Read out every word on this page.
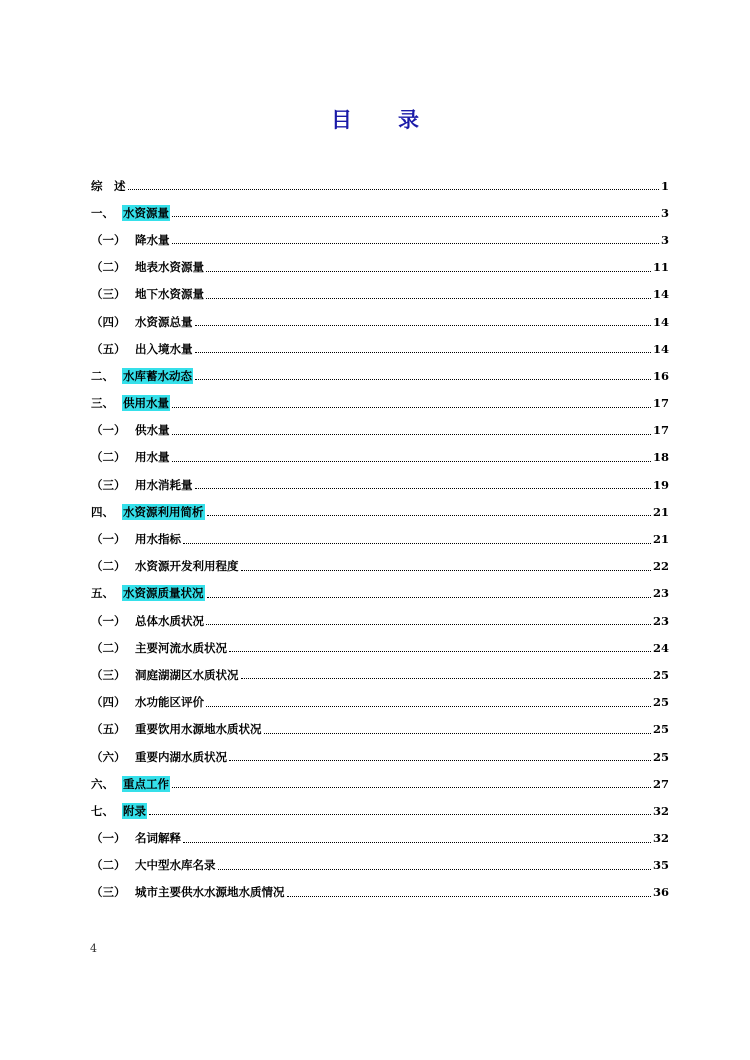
目 录
综　述	1
一、 水资源量	3
（一） 降水量	3
（二） 地表水资源量	11
（三） 地下水资源量	14
（四） 水资源总量	14
（五） 出入境水量	14
二、 水库蓄水动态	16
三、 供用水量	17
（一） 供水量	17
（二） 用水量	18
（三） 用水消耗量	19
四、 水资源利用简析	21
（一） 用水指标	21
（二） 水资源开发利用程度	22
五、 水资源质量状况	23
（一） 总体水质状况	23
（二） 主要河流水质状况	24
（三） 洞庭湖湖区水质状况	25
（四） 水功能区评价	25
（五） 重要饮用水源地水质状况	25
（六） 重要内湖水质状况	25
六、 重点工作	27
七、 附录	32
（一） 名词解释	32
（二） 大中型水库名录	35
（三） 城市主要供水水源地水质情况	36
4
